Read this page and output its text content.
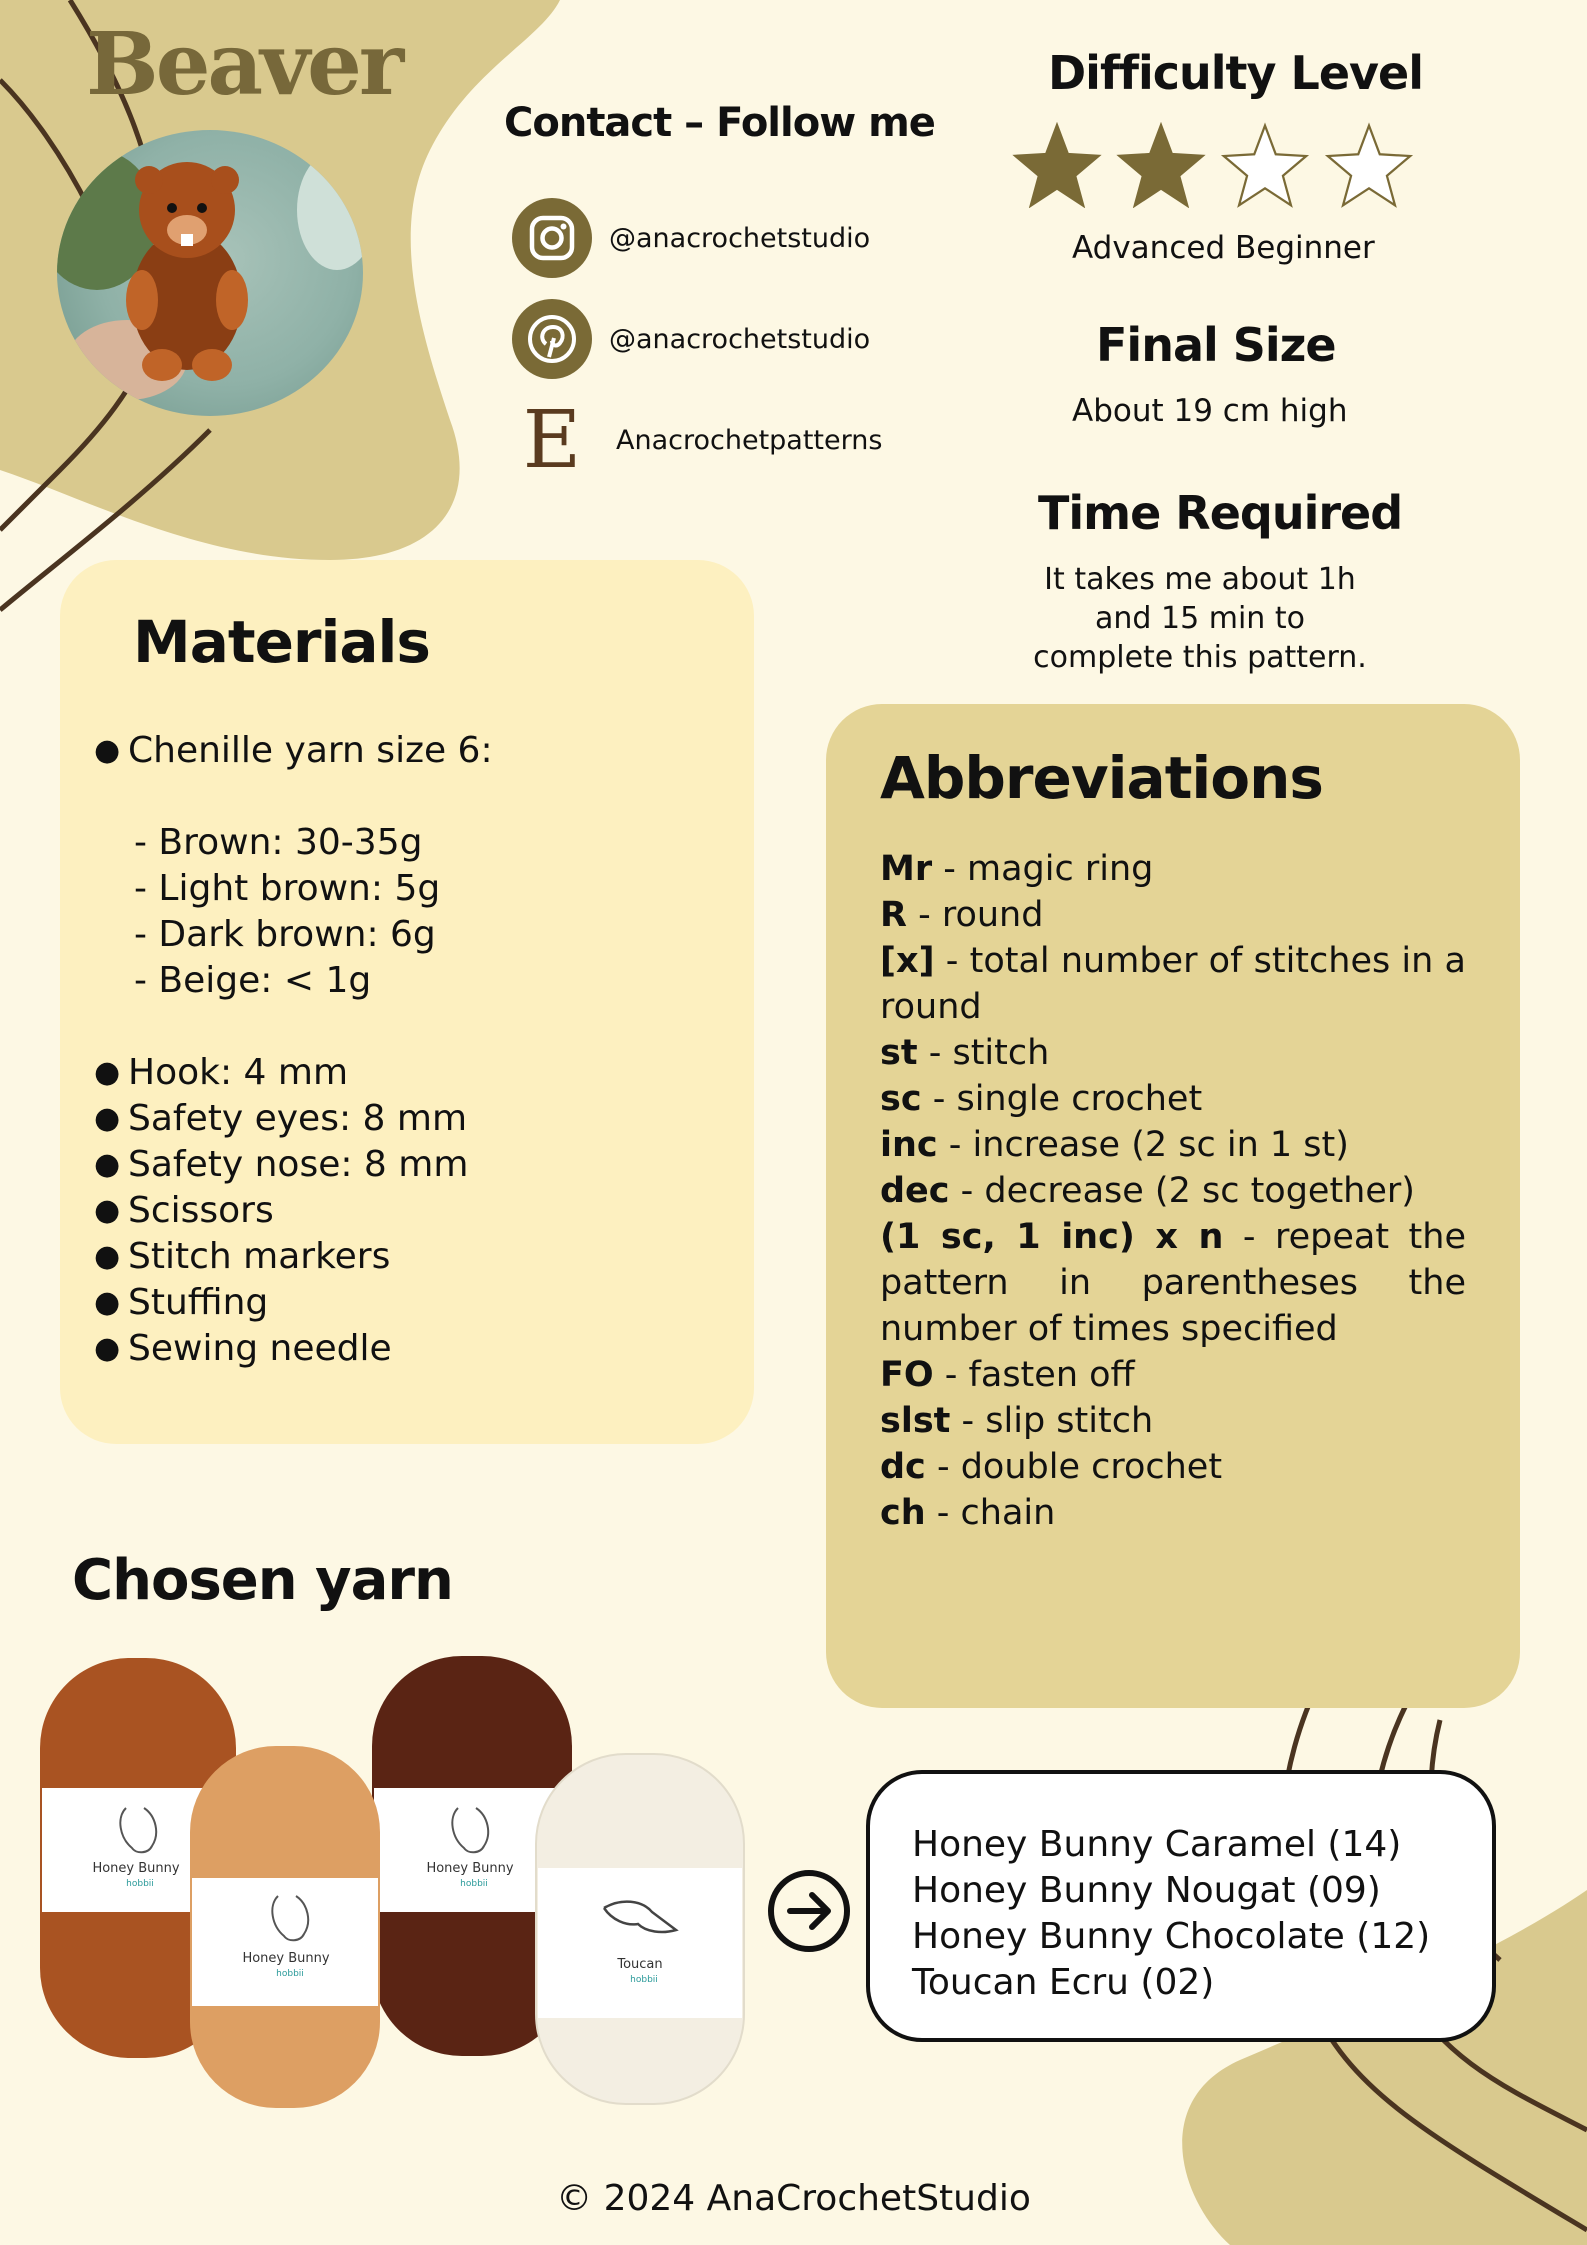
Beaver
Contact – Follow me
@anacrochetstudio
@anacrochetstudio
E	Anacrochetpatterns
Difficulty Level
Advanced Beginner
Final Size
About 19 cm high
Time Required
It takes me about 1h
and 15 min to
complete this pattern.
Materials
● Chenille yarn size 6:
- Brown: 30-35g
- Light brown: 5g
- Dark brown: 6g
- Beige: < 1g
● Hook: 4 mm
● Safety eyes: 8 mm
● Safety nose: 8 mm
● Scissors
● Stitch markers
● Stuffing
● Sewing needle
Abbreviations
Mr - magic ring
R - round
[x] - total number of stitches in a round
st - stitch
sc - single crochet
inc - increase (2 sc in 1 st)
dec - decrease (2 sc together)
(1 sc, 1 inc) x n - repeat the pattern in parentheses the number of times specified
FO - fasten off
slst - slip stitch
dc - double crochet
ch - chain
Chosen yarn
Honey Bunny
hobbii
Honey Bunny
hobbii
Honey Bunny
hobbii
Toucan
hobbii
Honey Bunny Caramel (14)
Honey Bunny Nougat (09)
Honey Bunny Chocolate (12)
Toucan Ecru (02)
© 2024 AnaCrochetStudio
